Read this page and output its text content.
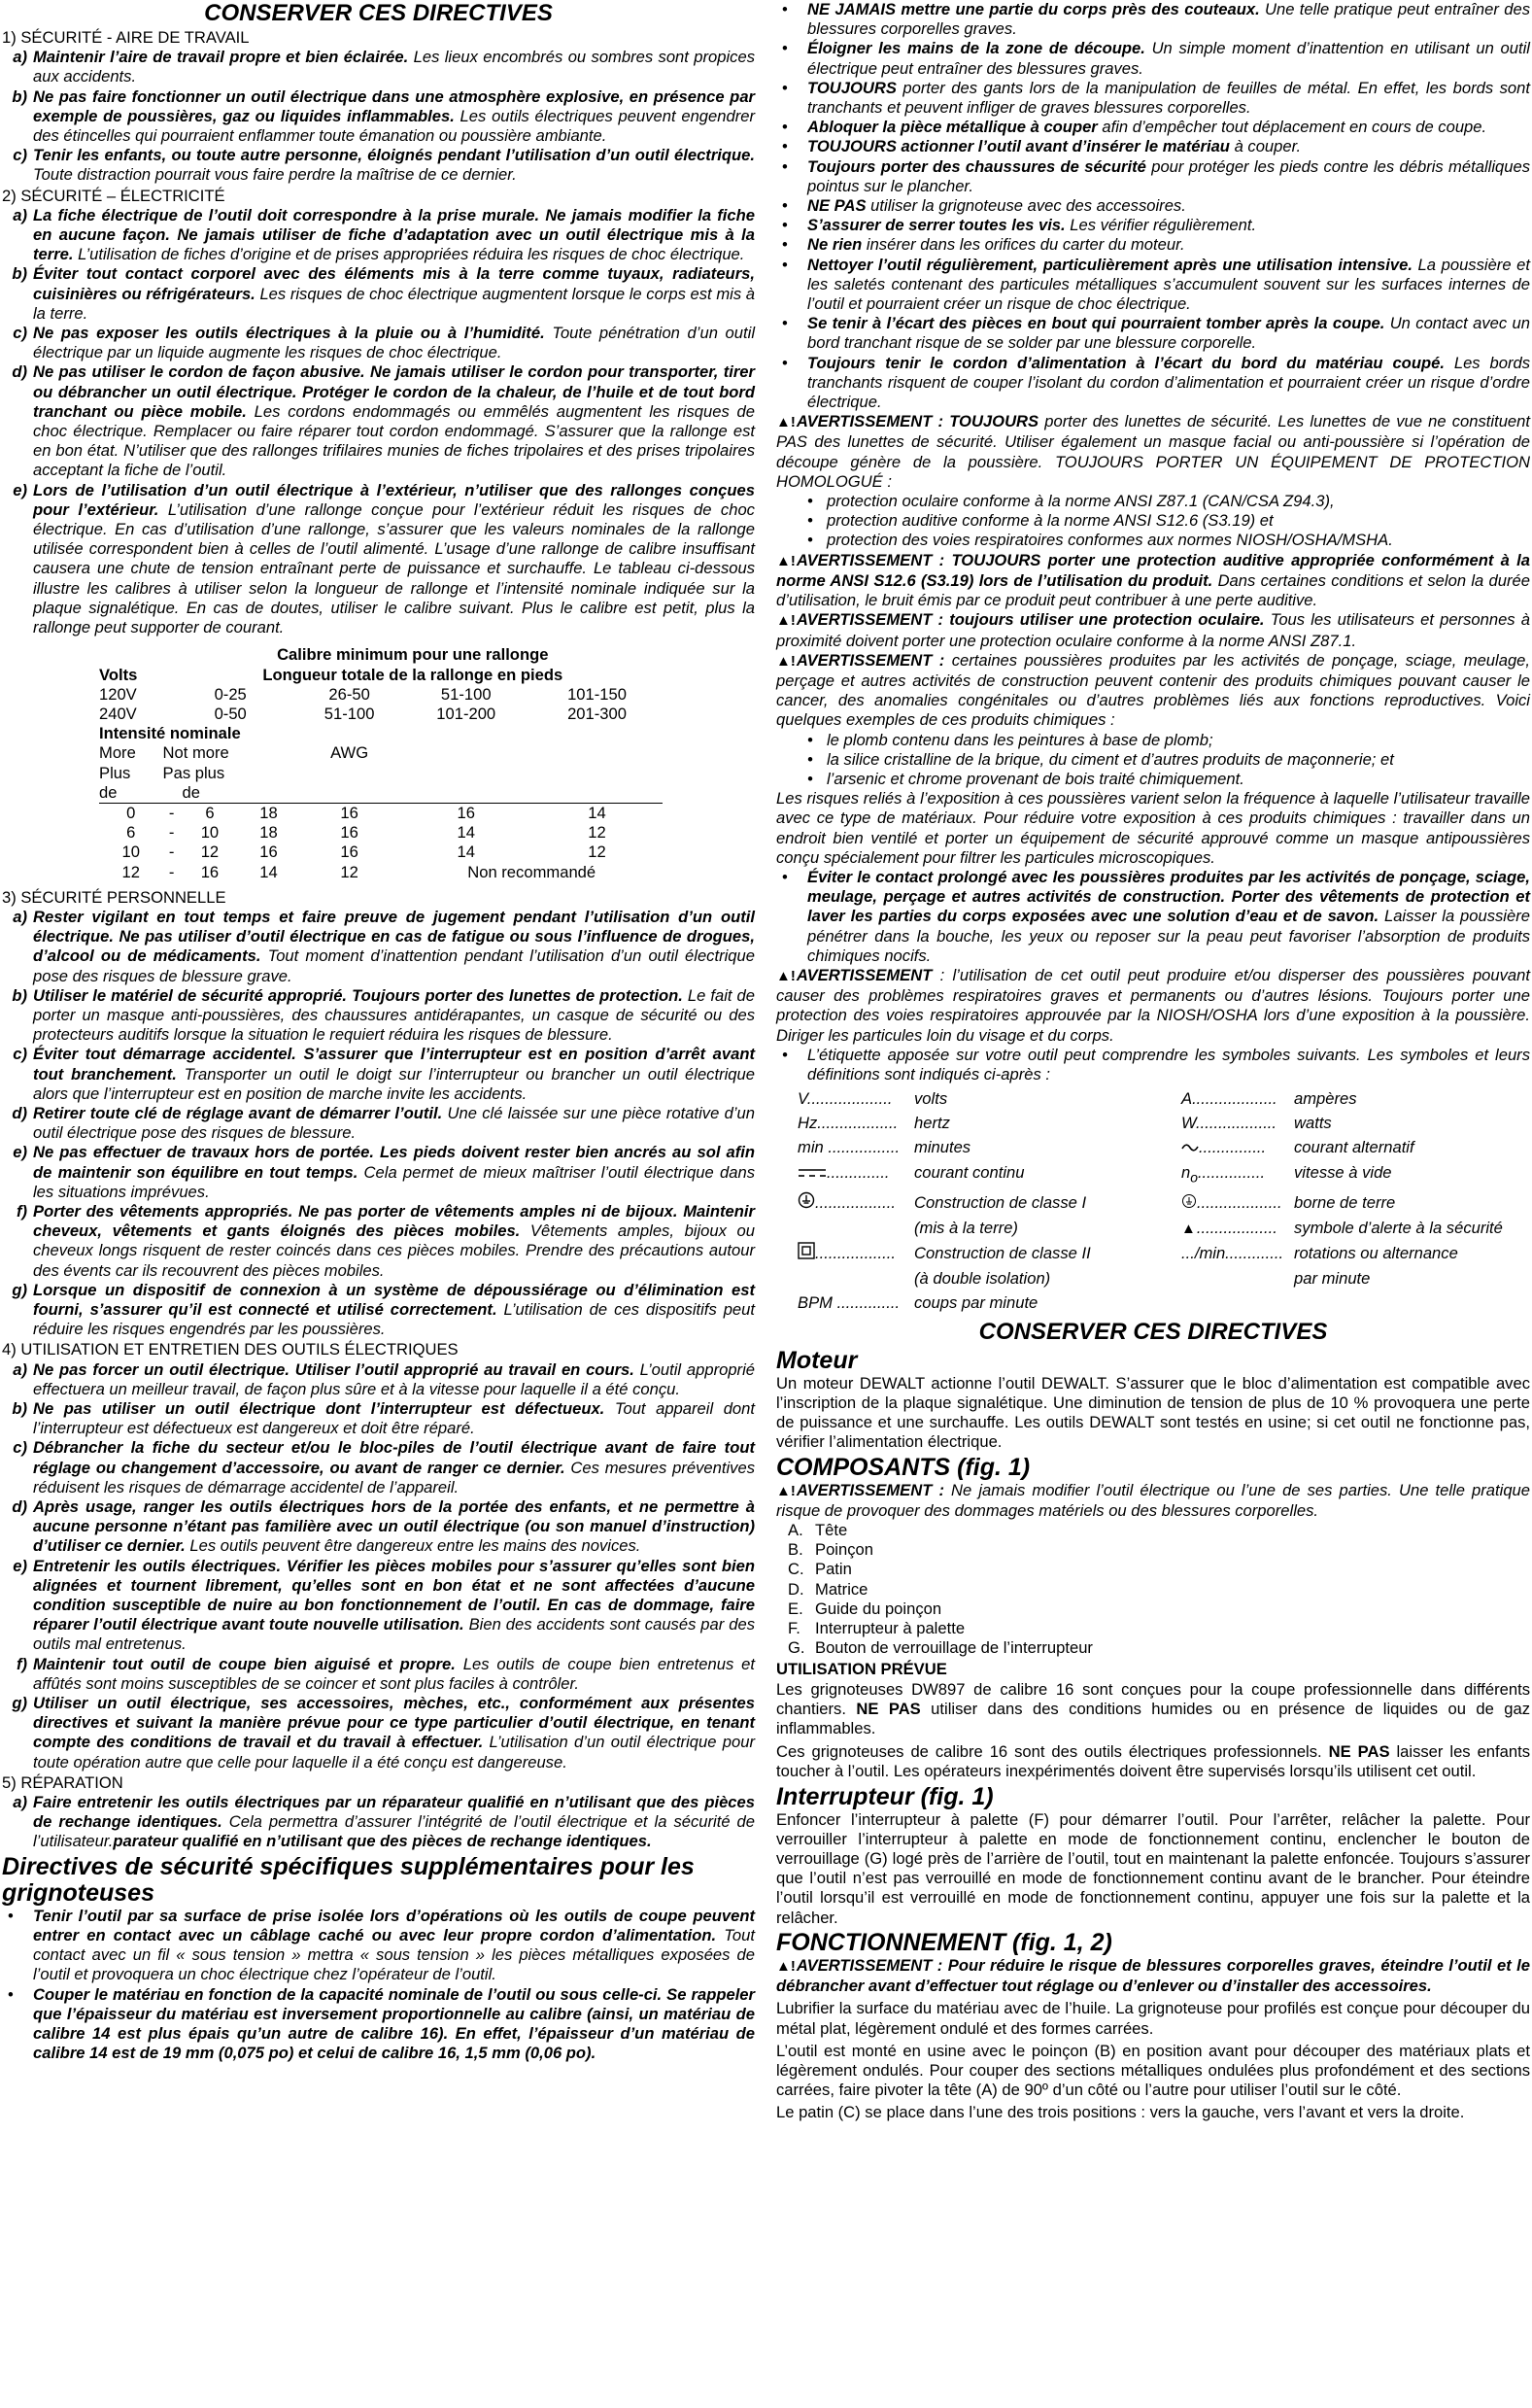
CONSERVER CES DIRECTIVES
1) SÉCURITÉ - AIRE DE TRAVAIL
a) Maintenir l’aire de travail propre et bien éclairée. Les lieux encombrés ou sombres sont propices aux accidents.
b) Ne pas faire fonctionner un outil électrique dans une atmosphère explosive, en présence par exemple de poussières, gaz ou liquides inflammables. Les outils électriques peuvent engendrer des étincelles qui pourraient enflammer toute émanation ou poussière ambiante.
c) Tenir les enfants, ou toute autre personne, éloignés pendant l’utilisation d’un outil électrique. Toute distraction pourrait vous faire perdre la maîtrise de ce dernier.
2) SÉCURITÉ – ÉLECTRICITÉ
a) La fiche électrique de l’outil doit correspondre à la prise murale. Ne jamais modifier la fiche en aucune façon. Ne jamais utiliser de fiche d’adaptation avec un outil électrique mis à la terre. L’utilisation de fiches d’origine et de prises appropriées réduira les risques de choc électrique.
b) Éviter tout contact corporel avec des éléments mis à la terre comme tuyaux, radiateurs, cuisinières ou réfrigérateurs. Les risques de choc électrique augmentent lorsque le corps est mis à la terre.
c) Ne pas exposer les outils électriques à la pluie ou à l’humidité. Toute pénétration d’un outil électrique par un liquide augmente les risques de choc électrique.
d) Ne pas utiliser le cordon de façon abusive. Ne jamais utiliser le cordon pour transporter, tirer ou débrancher un outil électrique. Protéger le cordon de la chaleur, de l’huile et de tout bord tranchant ou pièce mobile. Les cordons endommagés ou emmêlés augmentent les risques de choc électrique. Remplacer ou faire réparer tout cordon endommagé. S’assurer que la rallonge est en bon état. N’utiliser que des rallonges trifilaires munies de fiches tripolaires et des prises tripolaires acceptant la fiche de l’outil.
e) Lors de l’utilisation d’un outil électrique à l’extérieur, n’utiliser que des rallonges conçues pour l’extérieur. L’utilisation d’une rallonge conçue pour l’extérieur réduit les risques de choc électrique. En cas d’utilisation d’une rallonge, s’assurer que les valeurs nominales de la rallonge utilisée correspondent bien à celles de l’outil alimenté. L’usage d’une rallonge de calibre insuffisant causera une chute de tension entraînant perte de puissance et surchauffe. Le tableau ci-dessous illustre les calibres à utiliser selon la longueur de rallonge et l’intensité nominale indiquée sur la plaque signalétique. En cas de doutes, utiliser le calibre suivant. Plus le calibre est petit, plus la rallonge peut supporter de courant.
	Calibre minimum pour une rallonge					
Volts	Longueur totale de la rallonge en pieds					
120V	0-25			26-50	51-100	101-150
240V	0-50			51-100	101-200	201-300
Intensité nominale						
More	Not more			AWG		
Plus	Pas plus					
de	de					
0	-	6	18	16	16	14
6	-	10	18	16	14	12
10	-	12	16	16	14	12
12	-	16	14	12	Non recommandé	
3) SÉCURITÉ PERSONNELLE
a) Rester vigilant en tout temps et faire preuve de jugement pendant l’utilisation d’un outil électrique. Ne pas utiliser d’outil électrique en cas de fatigue ou sous l’influence de drogues, d’alcool ou de médicaments. Tout moment d’inattention pendant l’utilisation d’un outil électrique pose des risques de blessure grave.
b) Utiliser le matériel de sécurité approprié. Toujours porter des lunettes de protection. Le fait de porter un masque anti-poussières, des chaussures antidérapantes, un casque de sécurité ou des protecteurs auditifs lorsque la situation le requiert réduira les risques de blessure.
c) Éviter tout démarrage accidentel. S’assurer que l’interrupteur est en position d’arrêt avant tout branchement. Transporter un outil le doigt sur l’interrupteur ou brancher un outil électrique alors que l’interrupteur est en position de marche invite les accidents.
d) Retirer toute clé de réglage avant de démarrer l’outil. Une clé laissée sur une pièce rotative d’un outil électrique pose des risques de blessure.
e) Ne pas effectuer de travaux hors de portée. Les pieds doivent rester bien ancrés au sol afin de maintenir son équilibre en tout temps. Cela permet de mieux maîtriser l’outil électrique dans les situations imprévues.
f) Porter des vêtements appropriés. Ne pas porter de vêtements amples ni de bijoux. Maintenir cheveux, vêtements et gants éloignés des pièces mobiles. Vêtements amples, bijoux ou cheveux longs risquent de rester coincés dans ces pièces mobiles. Prendre des précautions autour des évents car ils recouvrent des pièces mobiles.
g) Lorsque un dispositif de connexion à un système de dépoussiérage ou d’élimination est fourni, s’assurer qu’il est connecté et utilisé correctement. L’utilisation de ces dispositifs peut réduire les risques engendrés par les poussières.
4) UTILISATION ET ENTRETIEN DES OUTILS ÉLECTRIQUES
a) Ne pas forcer un outil électrique. Utiliser l’outil approprié au travail en cours. L’outil approprié effectuera un meilleur travail, de façon plus sûre et à la vitesse pour laquelle il a été conçu.
b) Ne pas utiliser un outil électrique dont l’interrupteur est défectueux. Tout appareil dont l’interrupteur est défectueux est dangereux et doit être réparé.
c) Débrancher la fiche du secteur et/ou le bloc-piles de l’outil électrique avant de faire tout réglage ou changement d’accessoire, ou avant de ranger ce dernier. Ces mesures préventives réduisent les risques de démarrage accidentel de l’appareil.
d) Après usage, ranger les outils électriques hors de la portée des enfants, et ne permettre à aucune personne n’étant pas familière avec un outil électrique (ou son manuel d’instruction) d’utiliser ce dernier. Les outils peuvent être dangereux entre les mains des novices.
e) Entretenir les outils électriques. Vérifier les pièces mobiles pour s’assurer qu’elles sont bien alignées et tournent librement, qu’elles sont en bon état et ne sont affectées d’aucune condition susceptible de nuire au bon fonctionnement de l’outil. En cas de dommage, faire réparer l’outil électrique avant toute nouvelle utilisation. Bien des accidents sont causés par des outils mal entretenus.
f) Maintenir tout outil de coupe bien aiguisé et propre. Les outils de coupe bien entretenus et affûtés sont moins susceptibles de se coincer et sont plus faciles à contrôler.
g) Utiliser un outil électrique, ses accessoires, mèches, etc., conformément aux présentes directives et suivant la manière prévue pour ce type particulier d’outil électrique, en tenant compte des conditions de travail et du travail à effectuer. L’utilisation d’un outil électrique pour toute opération autre que celle pour laquelle il a été conçu est dangereuse.
5) RÉPARATION
a) Faire entretenir les outils électriques par un réparateur qualifié en n’utilisant que des pièces de rechange identiques. Cela permettra d’assurer l’intégrité de l’outil électrique et la sécurité de l’utilisateur.parateur qualifié en n’utilisant que des pièces de rechange identiques.
Directives de sécurité spécifiques supplémentaires pour les grignoteuses
•	Tenir l’outil par sa surface de prise isolée lors d’opérations où les outils de coupe peuvent entrer en contact avec un câblage caché ou avec leur propre cordon d’alimentation. Tout contact avec un fil « sous tension » mettra « sous tension » les pièces métalliques exposées de l’outil et provoquera un choc électrique chez l’opérateur de l’outil.
•	Couper le matériau en fonction de la capacité nominale de l’outil ou sous celle-ci. Se rappeler que l’épaisseur du matériau est inversement proportionnelle au calibre (ainsi, un matériau de calibre 14 est plus épais qu’un autre de calibre 16). En effet, l’épaisseur d’un matériau de calibre 14 est de 19 mm (0,075 po) et celui de calibre 16, 1,5 mm (0,06 po).
•	NE JAMAIS mettre une partie du corps près des couteaux. Une telle pratique peut entraîner des blessures corporelles graves.
•	Éloigner les mains de la zone de découpe. Un simple moment d’inattention en utilisant un outil électrique peut entraîner des blessures graves.
•	TOUJOURS porter des gants lors de la manipulation de feuilles de métal. En effet, les bords sont tranchants et peuvent infliger de graves blessures corporelles.
•	Abloquer la pièce métallique à couper afin d’empêcher tout déplacement en cours de coupe.
•	TOUJOURS actionner l’outil avant d’insérer le matériau à couper.
•	Toujours porter des chaussures de sécurité pour protéger les pieds contre les débris métalliques pointus sur le plancher.
•	NE PAS utiliser la grignoteuse avec des accessoires.
•	S’assurer de serrer toutes les vis. Les vérifier régulièrement.
•	Ne rien insérer dans les orifices du carter du moteur.
•	Nettoyer l’outil régulièrement, particulièrement après une utilisation intensive. La poussière et les saletés contenant des particules métalliques s’accumulent souvent sur les surfaces internes de l’outil et pourraient créer un risque de choc électrique.
•	Se tenir à l’écart des pièces en bout qui pourraient tomber après la coupe. Un contact avec un bord tranchant risque de se solder par une blessure corporelle.
•	Toujours tenir le cordon d’alimentation à l’écart du bord du matériau coupé. Les bords tranchants risquent de couper l’isolant du cordon d’alimentation et pourraient créer un risque d’ordre électrique.
▲!AVERTISSEMENT : TOUJOURS porter des lunettes de sécurité. Les lunettes de vue ne constituent PAS des lunettes de sécurité. Utiliser également un masque facial ou anti-poussière si l’opération de découpe génère de la poussière. TOUJOURS PORTER UN ÉQUIPEMENT DE PROTECTION HOMOLOGUÉ :
• protection oculaire conforme à la norme ANSI Z87.1 (CAN/CSA Z94.3),
• protection auditive conforme à la norme ANSI S12.6 (S3.19) et
• protection des voies respiratoires conformes aux normes NIOSH/OSHA/MSHA.
▲!AVERTISSEMENT : TOUJOURS porter une protection auditive appropriée conformément à la norme ANSI S12.6 (S3.19) lors de l’utilisation du produit. Dans certaines conditions et selon la durée d’utilisation, le bruit émis par ce produit peut contribuer à une perte auditive.
▲!AVERTISSEMENT : toujours utiliser une protection oculaire. Tous les utilisateurs et personnes à proximité doivent porter une protection oculaire conforme à la norme ANSI Z87.1.
▲!AVERTISSEMENT : certaines poussières produites par les activités de ponçage, sciage, meulage, perçage et autres activités de construction peuvent contenir des produits chimiques pouvant causer le cancer, des anomalies congénitales ou d’autres problèmes liés aux fonctions reproductives. Voici quelques exemples de ces produits chimiques :
• le plomb contenu dans les peintures à base de plomb;
• la silice cristalline de la brique, du ciment et d’autres produits de maçonnerie; et
• l’arsenic et chrome provenant de bois traité chimiquement.
Les risques reliés à l’exposition à ces poussières varient selon la fréquence à laquelle l’utilisateur travaille avec ce type de matériaux. Pour réduire votre exposition à ces produits chimiques : travailler dans un endroit bien ventilé et porter un équipement de sécurité approuvé comme un masque antipoussières conçu spécialement pour filtrer les particules microscopiques.
•	Éviter le contact prolongé avec les poussières produites par les activités de ponçage, sciage, meulage, perçage et autres activités de construction. Porter des vêtements de protection et laver les parties du corps exposées avec une solution d’eau et de savon. Laisser la poussière pénétrer dans la bouche, les yeux ou reposer sur la peau peut favoriser l’absorption de produits chimiques nocifs.
▲!AVERTISSEMENT : l’utilisation de cet outil peut produire et/ou disperser des poussières pouvant causer des problèmes respiratoires graves et permanents ou d’autres lésions. Toujours porter une protection des voies respiratoires approuvée par la NIOSH/OSHA lors d’une exposition à la poussière. Diriger les particules loin du visage et du corps.
•	L’étiquette apposée sur votre outil peut comprendre les symboles suivants. Les symboles et leurs définitions sont indiqués ci-après :
V...................	volts	A...................	ampères
Hz..................	hertz	W..................	watts
min ................	minutes	...............	courant alternatif
..............	courant continu	$n_o$...............	vitesse à vide
..................	Construction de classe I	...................	borne de terre
	(mis à la terre)	▲..................	symbole d’alerte à la sécurité
..................	Construction de classe II	.../min.............	rotations ou alternance
	(à double isolation)		par minute
BPM ..............	coups par minute		
CONSERVER CES DIRECTIVES
Moteur
Un moteur DEWALT actionne l’outil DEWALT. S’assurer que le bloc d’alimentation est compatible avec l’inscription de la plaque signalétique. Une diminution de tension de plus de 10 % provoquera une perte de puissance et une surchauffe. Les outils DEWALT sont testés en usine; si cet outil ne fonctionne pas, vérifier l’alimentation électrique.
COMPOSANTS (fig. 1)
▲!AVERTISSEMENT : Ne jamais modifier l’outil électrique ou l’une de ses parties. Une telle pratique risque de provoquer des dommages matériels ou des blessures corporelles.
A. Tête
B. Poinçon
C. Patin
D. Matrice
E. Guide du poinçon
F. Interrupteur à palette
G. Bouton de verrouillage de l’interrupteur
UTILISATION PRÉVUE
Les grignoteuses DW897 de calibre 16 sont conçues pour la coupe professionnelle dans différents chantiers. NE PAS utiliser dans des conditions humides ou en présence de liquides ou de gaz inflammables.
Ces grignoteuses de calibre 16 sont des outils électriques professionnels. NE PAS laisser les enfants toucher à l’outil. Les opérateurs inexpérimentés doivent être supervisés lorsqu’ils utilisent cet outil.
Interrupteur (fig. 1)
Enfoncer l’interrupteur à palette (F) pour démarrer l’outil. Pour l’arrêter, relâcher la palette. Pour verrouiller l’interrupteur à palette en mode de fonctionnement continu, enclencher le bouton de verrouillage (G) logé près de l’arrière de l’outil, tout en maintenant la palette enfoncée. Toujours s’assurer que l’outil n’est pas verrouillé en mode de fonctionnement continu avant de le brancher. Pour éteindre l’outil lorsqu’il est verrouillé en mode de fonctionnement continu, appuyer une fois sur la palette et la relâcher.
FONCTIONNEMENT (fig. 1, 2)
▲!AVERTISSEMENT : Pour réduire le risque de blessures corporelles graves, éteindre l’outil et le débrancher avant d’effectuer tout réglage ou d’enlever ou d’installer des accessoires.
Lubrifier la surface du matériau avec de l’huile. La grignoteuse pour profilés est conçue pour découper du métal plat, légèrement ondulé et des formes carrées.
L’outil est monté en usine avec le poinçon (B) en position avant pour découper des matériaux plats et légèrement ondulés. Pour couper des sections métalliques ondulées plus profondément et des sections carrées, faire pivoter la tête (A) de 90º d’un côté ou l’autre pour utiliser l’outil sur le côté.
Le patin (C) se place dans l’une des trois positions : vers la gauche, vers l’avant et vers la droite.
